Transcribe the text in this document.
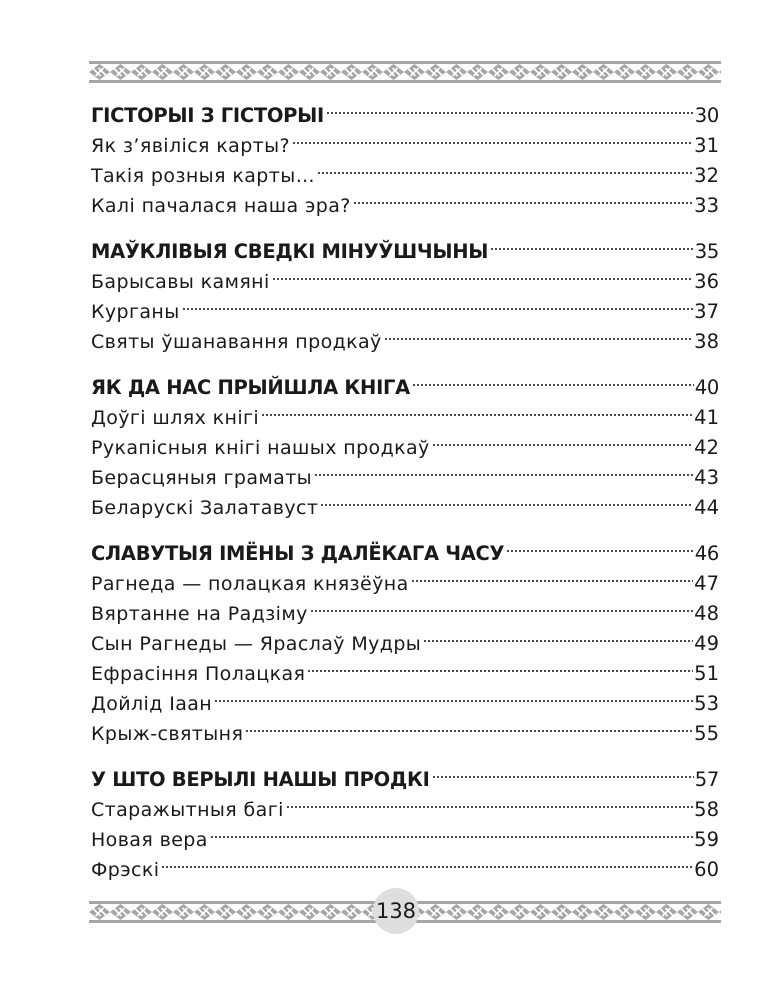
ГІСТОРЫІ З ГІСТОРЫІ	30
Як з’явіліся карты?	31
Такія розныя карты…	32
Калі пачалася наша эра?	33
МАЎКЛІВЫЯ СВЕДКІ МІНУЎШЧЫНЫ	35
Барысавы камяні	36
Курганы	37
Святы ўшанавання продкаў	38
ЯК ДА НАС ПРЫЙШЛА КНІГА	40
Доўгі шлях кнігі	41
Рукапісныя кнігі нашых продкаў	42
Берасцяныя граматы	43
Беларускі Залатавуст	44
СЛАВУТЫЯ ІМЁНЫ З ДАЛЁКАГА ЧАСУ	46
Рагнеда — полацкая князёўна	47
Вяртанне на Радзіму	48
Сын Рагнеды — Яраслаў Мудры	49
Ефрасіння Полацкая	51
Дойлід Іаан	53
Крыж-святыня	55
У ШТО ВЕРЫЛІ НАШЫ ПРОДКІ	57
Старажытныя багі	58
Новая вера	59
Фрэскі	60
138
